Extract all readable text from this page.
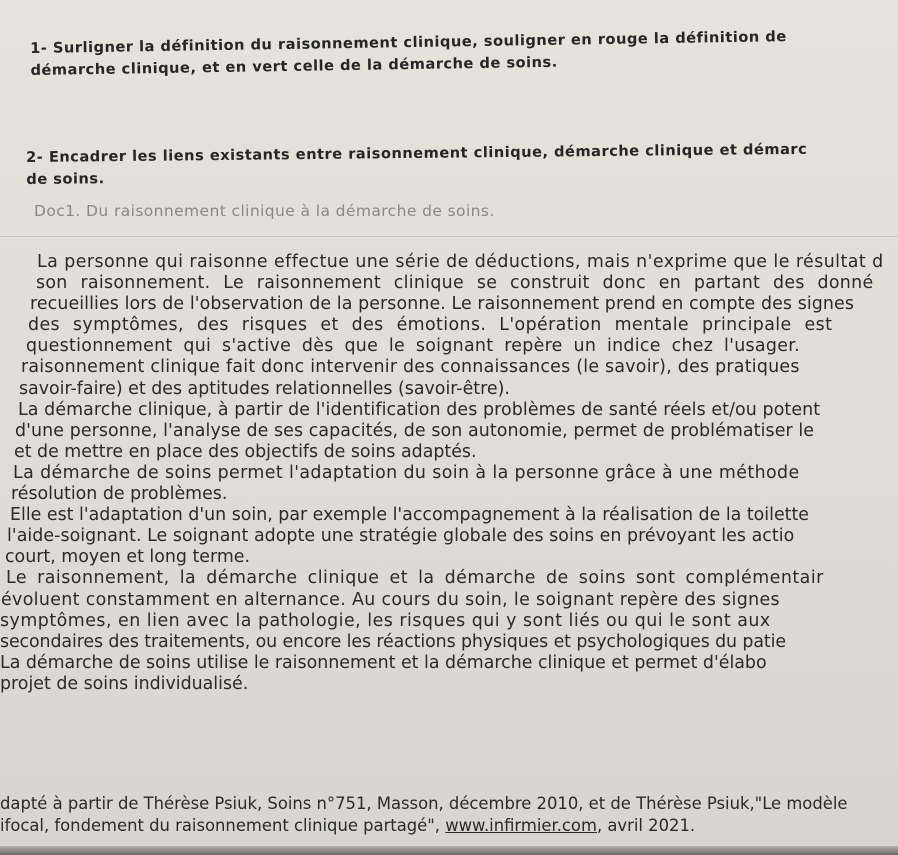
1- Surligner la définition du raisonnement clinique, souligner en rouge la définition de
démarche clinique, et en vert celle de la démarche de soins.
2- Encadrer les liens existants entre raisonnement clinique, démarche clinique et démarc
de soins.
Doc1. Du raisonnement clinique à la démarche de soins.
La personne qui raisonne effectue une série de déductions, mais n'exprime que le résultat d
son raisonnement. Le raisonnement clinique se construit donc en partant des donné
recueillies lors de l'observation de la personne. Le raisonnement prend en compte des signes
des symptômes, des risques et des émotions. L'opération mentale principale est
questionnement qui s'active dès que le soignant repère un indice chez l'usager.
raisonnement clinique fait donc intervenir des connaissances (le savoir), des pratiques
savoir-faire) et des aptitudes relationnelles (savoir-être).
La démarche clinique, à partir de l'identification des problèmes de santé réels et/ou potent
d'une personne, l'analyse de ses capacités, de son autonomie, permet de problématiser le
et de mettre en place des objectifs de soins adaptés.
La démarche de soins permet l'adaptation du soin à la personne grâce à une méthode
résolution de problèmes.
Elle est l'adaptation d'un soin, par exemple l'accompagnement à la réalisation de la toilette
l'aide-soignant. Le soignant adopte une stratégie globale des soins en prévoyant les actio
court, moyen et long terme.
Le raisonnement, la démarche clinique et la démarche de soins sont complémentair
évoluent constamment en alternance. Au cours du soin, le soignant repère des signes
symptômes, en lien avec la pathologie, les risques qui y sont liés ou qui le sont aux
secondaires des traitements, ou encore les réactions physiques et psychologiques du patie
La démarche de soins utilise le raisonnement et la démarche clinique et permet d'élabo
projet de soins individualisé.
dapté à partir de Thérèse Psiuk, Soins n°751, Masson, décembre 2010, et de Thérèse Psiuk,"Le modèle
ifocal, fondement du raisonnement clinique partagé", www.infirmier.com, avril 2021.
